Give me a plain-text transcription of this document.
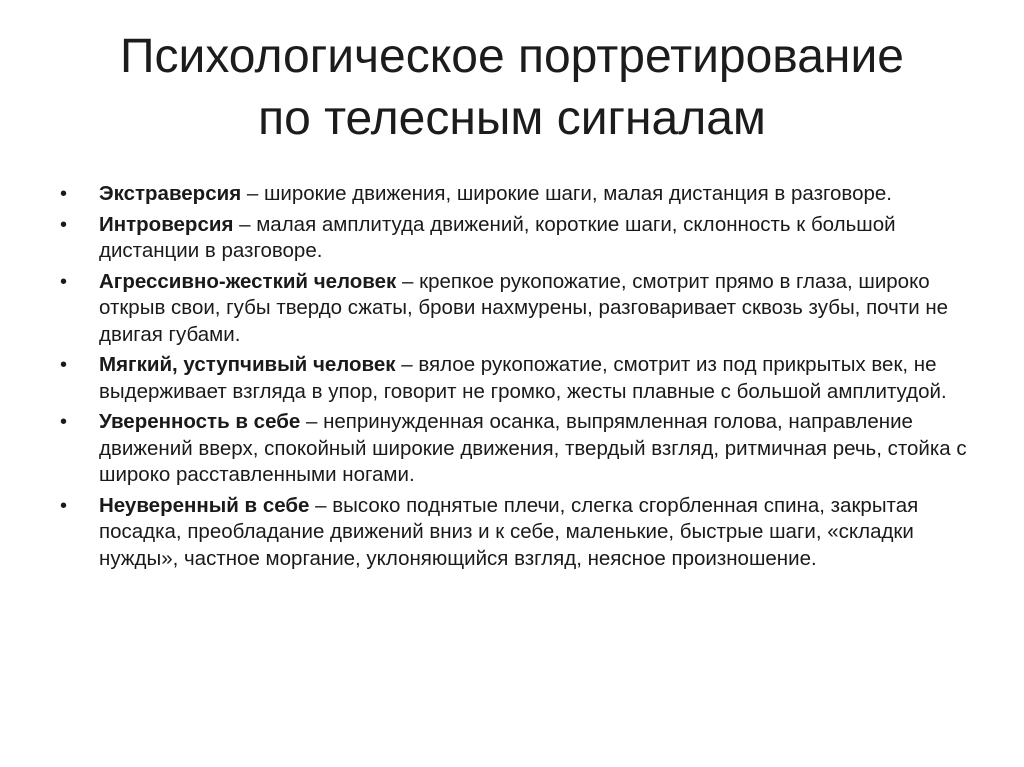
Психологическое портретирование
по телесным сигналам
• Экстраверсия – широкие движения, широкие шаги, малая дистанция в разговоре.
• Интроверсия – малая амплитуда движений, короткие шаги, склонность к большой дистанции в разговоре.
• Агрессивно-жесткий человек – крепкое рукопожатие, смотрит прямо в глаза, широко открыв свои, губы твердо сжаты, брови нахмурены, разговаривает сквозь зубы, почти не двигая губами.
• Мягкий, уступчивый человек – вялое рукопожатие, смотрит из под прикрытых век, не выдерживает взгляда в упор, говорит не громко, жесты плавные с большой амплитудой.
• Уверенность в себе – непринужденная осанка, выпрямленная голова, направление движений вверх, спокойный широкие движения, твердый взгляд, ритмичная речь, стойка с широко расставленными ногами.
• Неуверенный в себе – высоко поднятые плечи, слегка сгорбленная спина, закрытая посадка, преобладание движений вниз и к себе, маленькие, быстрые шаги, «складки нужды», частное моргание, уклоняющийся взгляд, неясное произношение.
